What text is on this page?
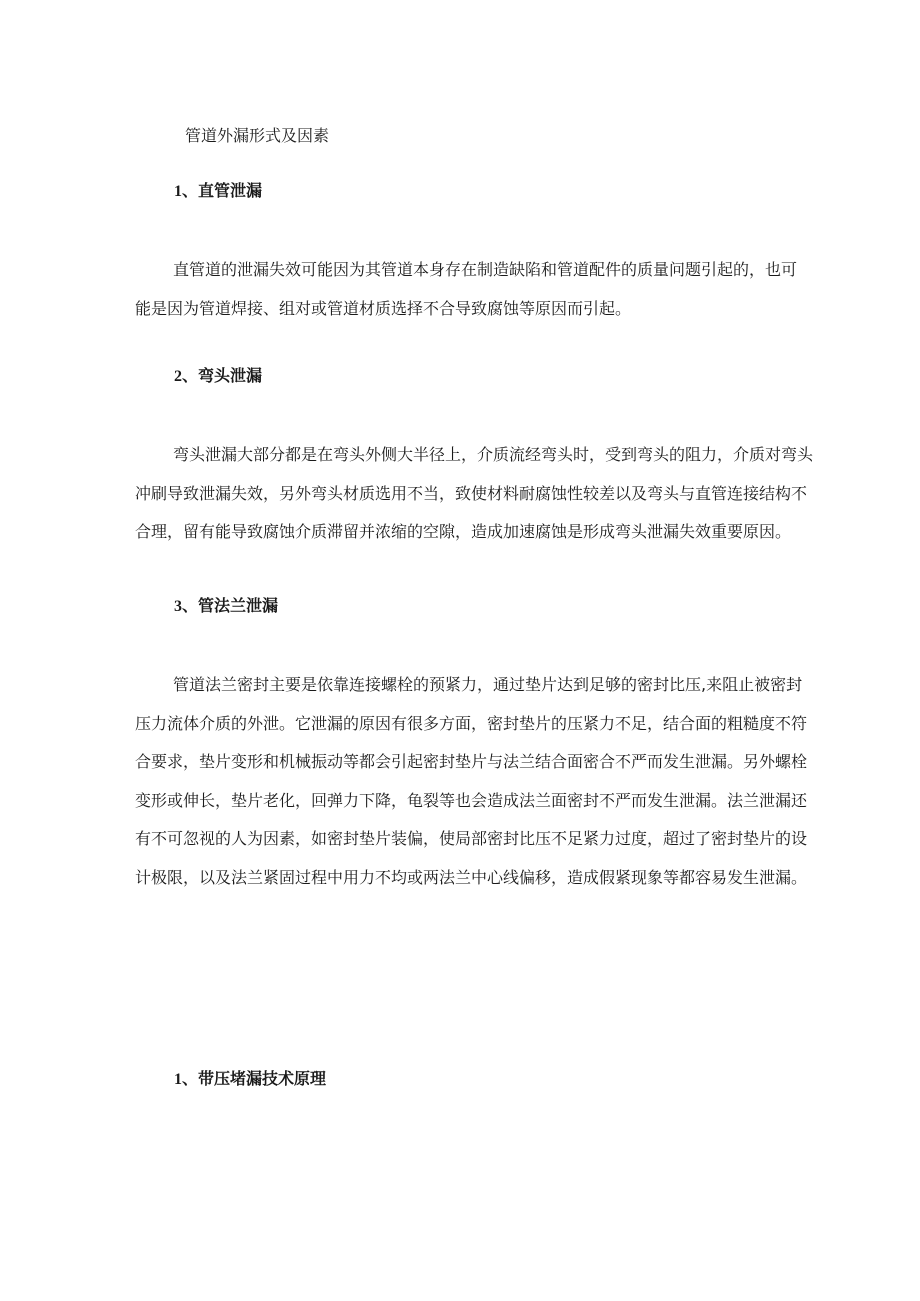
管道外漏形式及因素
1、直管泄漏

直管道的泄漏失效可能因为其管道本身存在制造缺陷和管道配件的质量问题引起的，也可
能是因为管道焊接、组对或管道材质选择不合导致腐蚀等原因而引起。

2、弯头泄漏

弯头泄漏大部分都是在弯头外侧大半径上，介质流经弯头时，受到弯头的阻力，介质对弯头
冲刷导致泄漏失效，另外弯头材质选用不当，致使材料耐腐蚀性较差以及弯头与直管连接结构不
合理，留有能导致腐蚀介质滞留并浓缩的空隙，造成加速腐蚀是形成弯头泄漏失效重要原因。

3、管法兰泄漏

管道法兰密封主要是依靠连接螺栓的预紧力，通过垫片达到足够的密封比压,来阻止被密封
压力流体介质的外泄。它泄漏的原因有很多方面，密封垫片的压紧力不足，结合面的粗糙度不符
合要求，垫片变形和机械振动等都会引起密封垫片与法兰结合面密合不严而发生泄漏。另外螺栓
变形或伸长，垫片老化，回弹力下降，龟裂等也会造成法兰面密封不严而发生泄漏。法兰泄漏还
有不可忽视的人为因素，如密封垫片装偏，使局部密封比压不足紧力过度，超过了密封垫片的设
计极限，以及法兰紧固过程中用力不均或两法兰中心线偏移，造成假紧现象等都容易发生泄漏。

1、带压堵漏技术原理
